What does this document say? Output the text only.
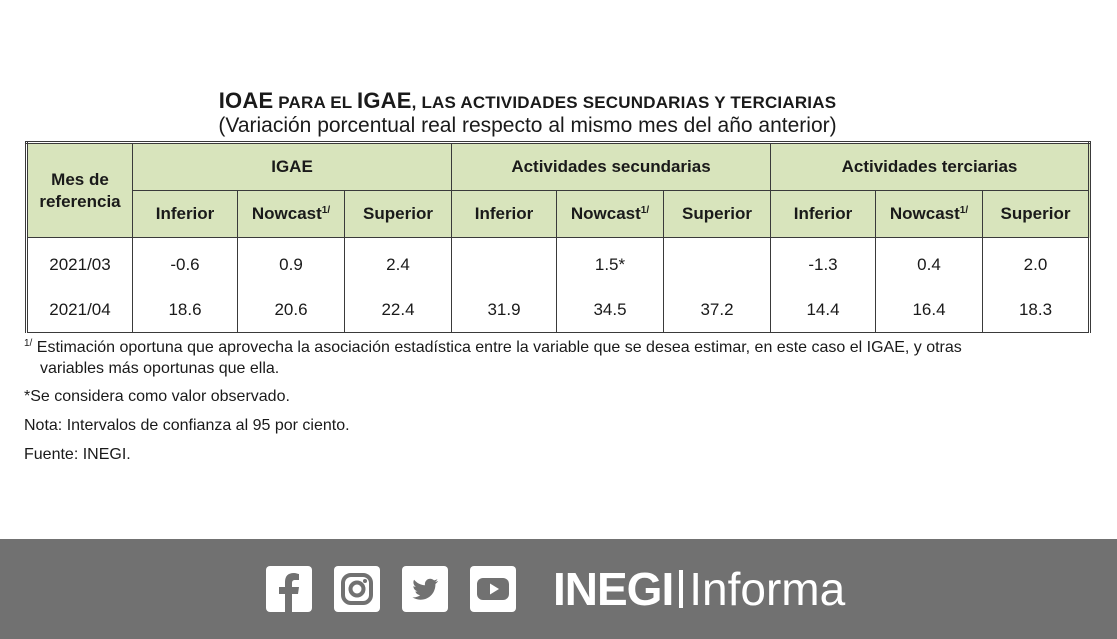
IOAE PARA EL IGAE, LAS ACTIVIDADES SECUNDARIAS Y TERCIARIAS
(Variación porcentual real respecto al mismo mes del año anterior)
Mes de referencia	IGAE			Actividades secundarias			Actividades terciarias		
	Inferior	Nowcast$^{1/}$	Superior	Inferior	Nowcast$^{1/}$	Superior	Inferior	Nowcast$^{1/}$	Superior
2021/03	-0.6	0.9	2.4		1.5*		-1.3	0.4	2.0
2021/04	18.6	20.6	22.4	31.9	34.5	37.2	14.4	16.4	18.3
$^{1/}$ Estimación oportuna que aprovecha la asociación estadística entre la variable que se desea estimar, en este caso el IGAE, y otras
variables más oportunas que ella.
*Se considera como valor observado.
Nota: Intervalos de confianza al 95 por ciento.
Fuente: INEGI.
INEGI Informa
